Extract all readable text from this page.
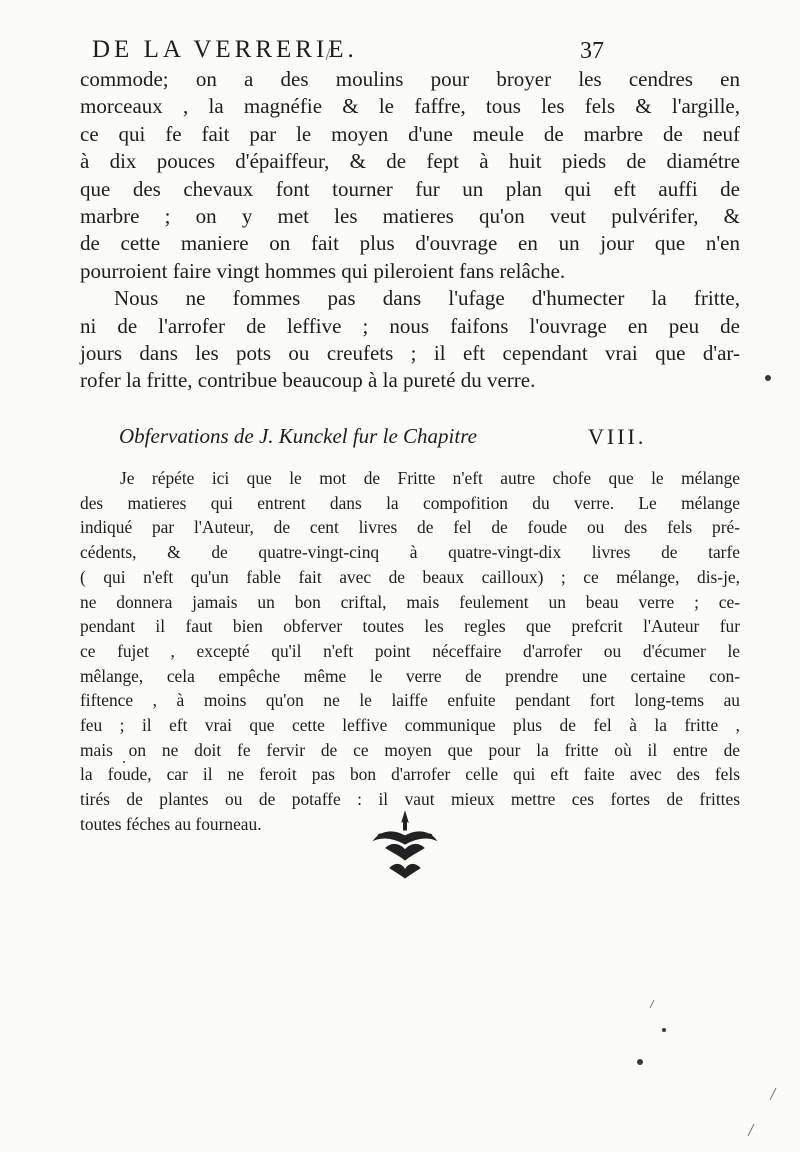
DE LA VERRERIE.	37
commode; on a des moulins pour broyer les cendres en
morceaux , la magnéfie & le faffre, tous les fels & l'argille,
ce qui fe fait par le moyen d'une meule de marbre de neuf
à dix pouces d'épaiffeur, & de fept à huit pieds de diamétre
que des chevaux font tourner fur un plan qui eft auffi de
marbre ; on y met les matieres qu'on veut pulvérifer, &
de cette maniere on fait plus d'ouvrage en un jour que n'en
pourroient faire vingt hommes qui pileroient fans relâche.
Nous ne fommes pas dans l'ufage d'humecter la fritte,
ni de l'arrofer de leffive ; nous faifons l'ouvrage en peu de
jours dans les pots ou creufets ; il eft cependant vrai que d'ar-
rofer la fritte, contribue beaucoup à la pureté du verre.
Obfervations de J. Kunckel fur le Chapitre	VIII.
Je répéte ici que le mot de Fritte n'eft autre chofe que le mélange
des matieres qui entrent dans la compofition du verre. Le mélange
indiqué par l'Auteur, de cent livres de fel de foude ou des fels pré-
cédents, & de quatre-vingt-cinq à quatre-vingt-dix livres de tarfe
( qui n'eft qu'un fable fait avec de beaux cailloux) ; ce mélange, dis-je,
ne donnera jamais un bon criftal, mais feulement un beau verre ; ce-
pendant il faut bien obferver toutes les regles que prefcrit l'Auteur fur
ce fujet , excepté qu'il n'eft point néceffaire d'arrofer ou d'écumer le
mêlange, cela empêche même le verre de prendre une certaine con-
fiftence , à moins qu'on ne le laiffe enfuite pendant fort long-tems au
feu ; il eft vrai que cette leffive communique plus de fel à la fritte ,
mais on ne doit fe fervir de ce moyen que pour la fritte où il entre de
la foude, car il ne feroit pas bon d'arrofer celle qui eft faite avec des fels
tirés de plantes ou de potaffe : il vaut mieux mettre ces fortes de frittes
toutes féches au fourneau.
